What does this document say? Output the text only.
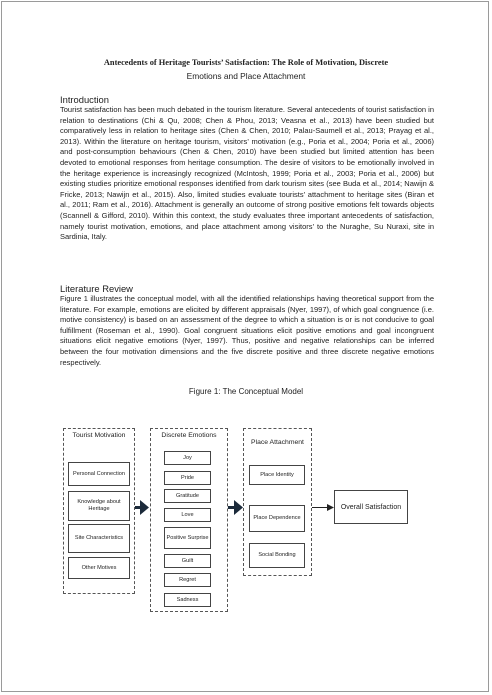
Antecedents of Heritage Tourists’ Satisfaction: The Role of Motivation, Discrete
Emotions and Place Attachment
Introduction

Tourist satisfaction has been much debated in the tourism literature. Several antecedents of tourist satisfaction in relation to destinations (Chi & Qu, 2008; Chen & Phou, 2013; Veasna et al., 2013) have been studied but comparatively less in relation to heritage sites (Chen & Chen, 2010; Palau-Saumell et al., 2013; Prayag et al., 2013). Within the literature on heritage tourism, visitors’ motivation (e.g., Poria et al., 2004; Poria et al., 2006) and post-consumption behaviours (Chen & Chen, 2010) have been studied but limited attention has been devoted to emotional responses from heritage consumption. The desire of visitors to be emotionally involved in the heritage experience is increasingly recognized (McIntosh, 1999; Poria et al., 2003; Poria et al., 2006) but existing studies prioritize emotional responses identified from dark tourism sites (see Buda et al., 2014; Nawijn & Fricke, 2013; Nawijn et al., 2015). Also, limited studies evaluate tourists’ attachment to heritage sites (Biran et al., 2011; Ram et al., 2016). Attachment is generally an outcome of strong positive emotions felt towards objects (Scannell & Gifford, 2010). Within this context, the study evaluates three important antecedents of satisfaction, namely tourist motivation, emotions, and place attachment among visitors’ to the Nuraghe, Su Nuraxi, site in Sardinia, Italy.

Literature Review

Figure 1 illustrates the conceptual model, with all the identified relationships having theoretical support from the literature. For example, emotions are elicited by different appraisals (Nyer, 1997), of which goal congruence (i.e. motive consistency) is based on an assessment of the degree to which a situation is or is not conducive to goal fulfillment (Roseman et al., 1990). Goal congruent situations elicit positive emotions and goal incongruent situations elicit negative emotions (Nyer, 1997). Thus, positive and negative relationships can be inferred between the four motivation dimensions and the five discrete positive and three discrete negative emotions respectively.

Figure 1: The Conceptual Model
Tourist Motivation
Personal Connection
Knowledge about Heritage
Site Characteristics
Other Motives
Discrete Emotions
Joy
Pride
Gratitude
Love
Positive Surprise
Guilt
Regret
Sadness
Place Attachment
Place Identity
Place Dependence
Social Bonding
Overall Satisfaction
